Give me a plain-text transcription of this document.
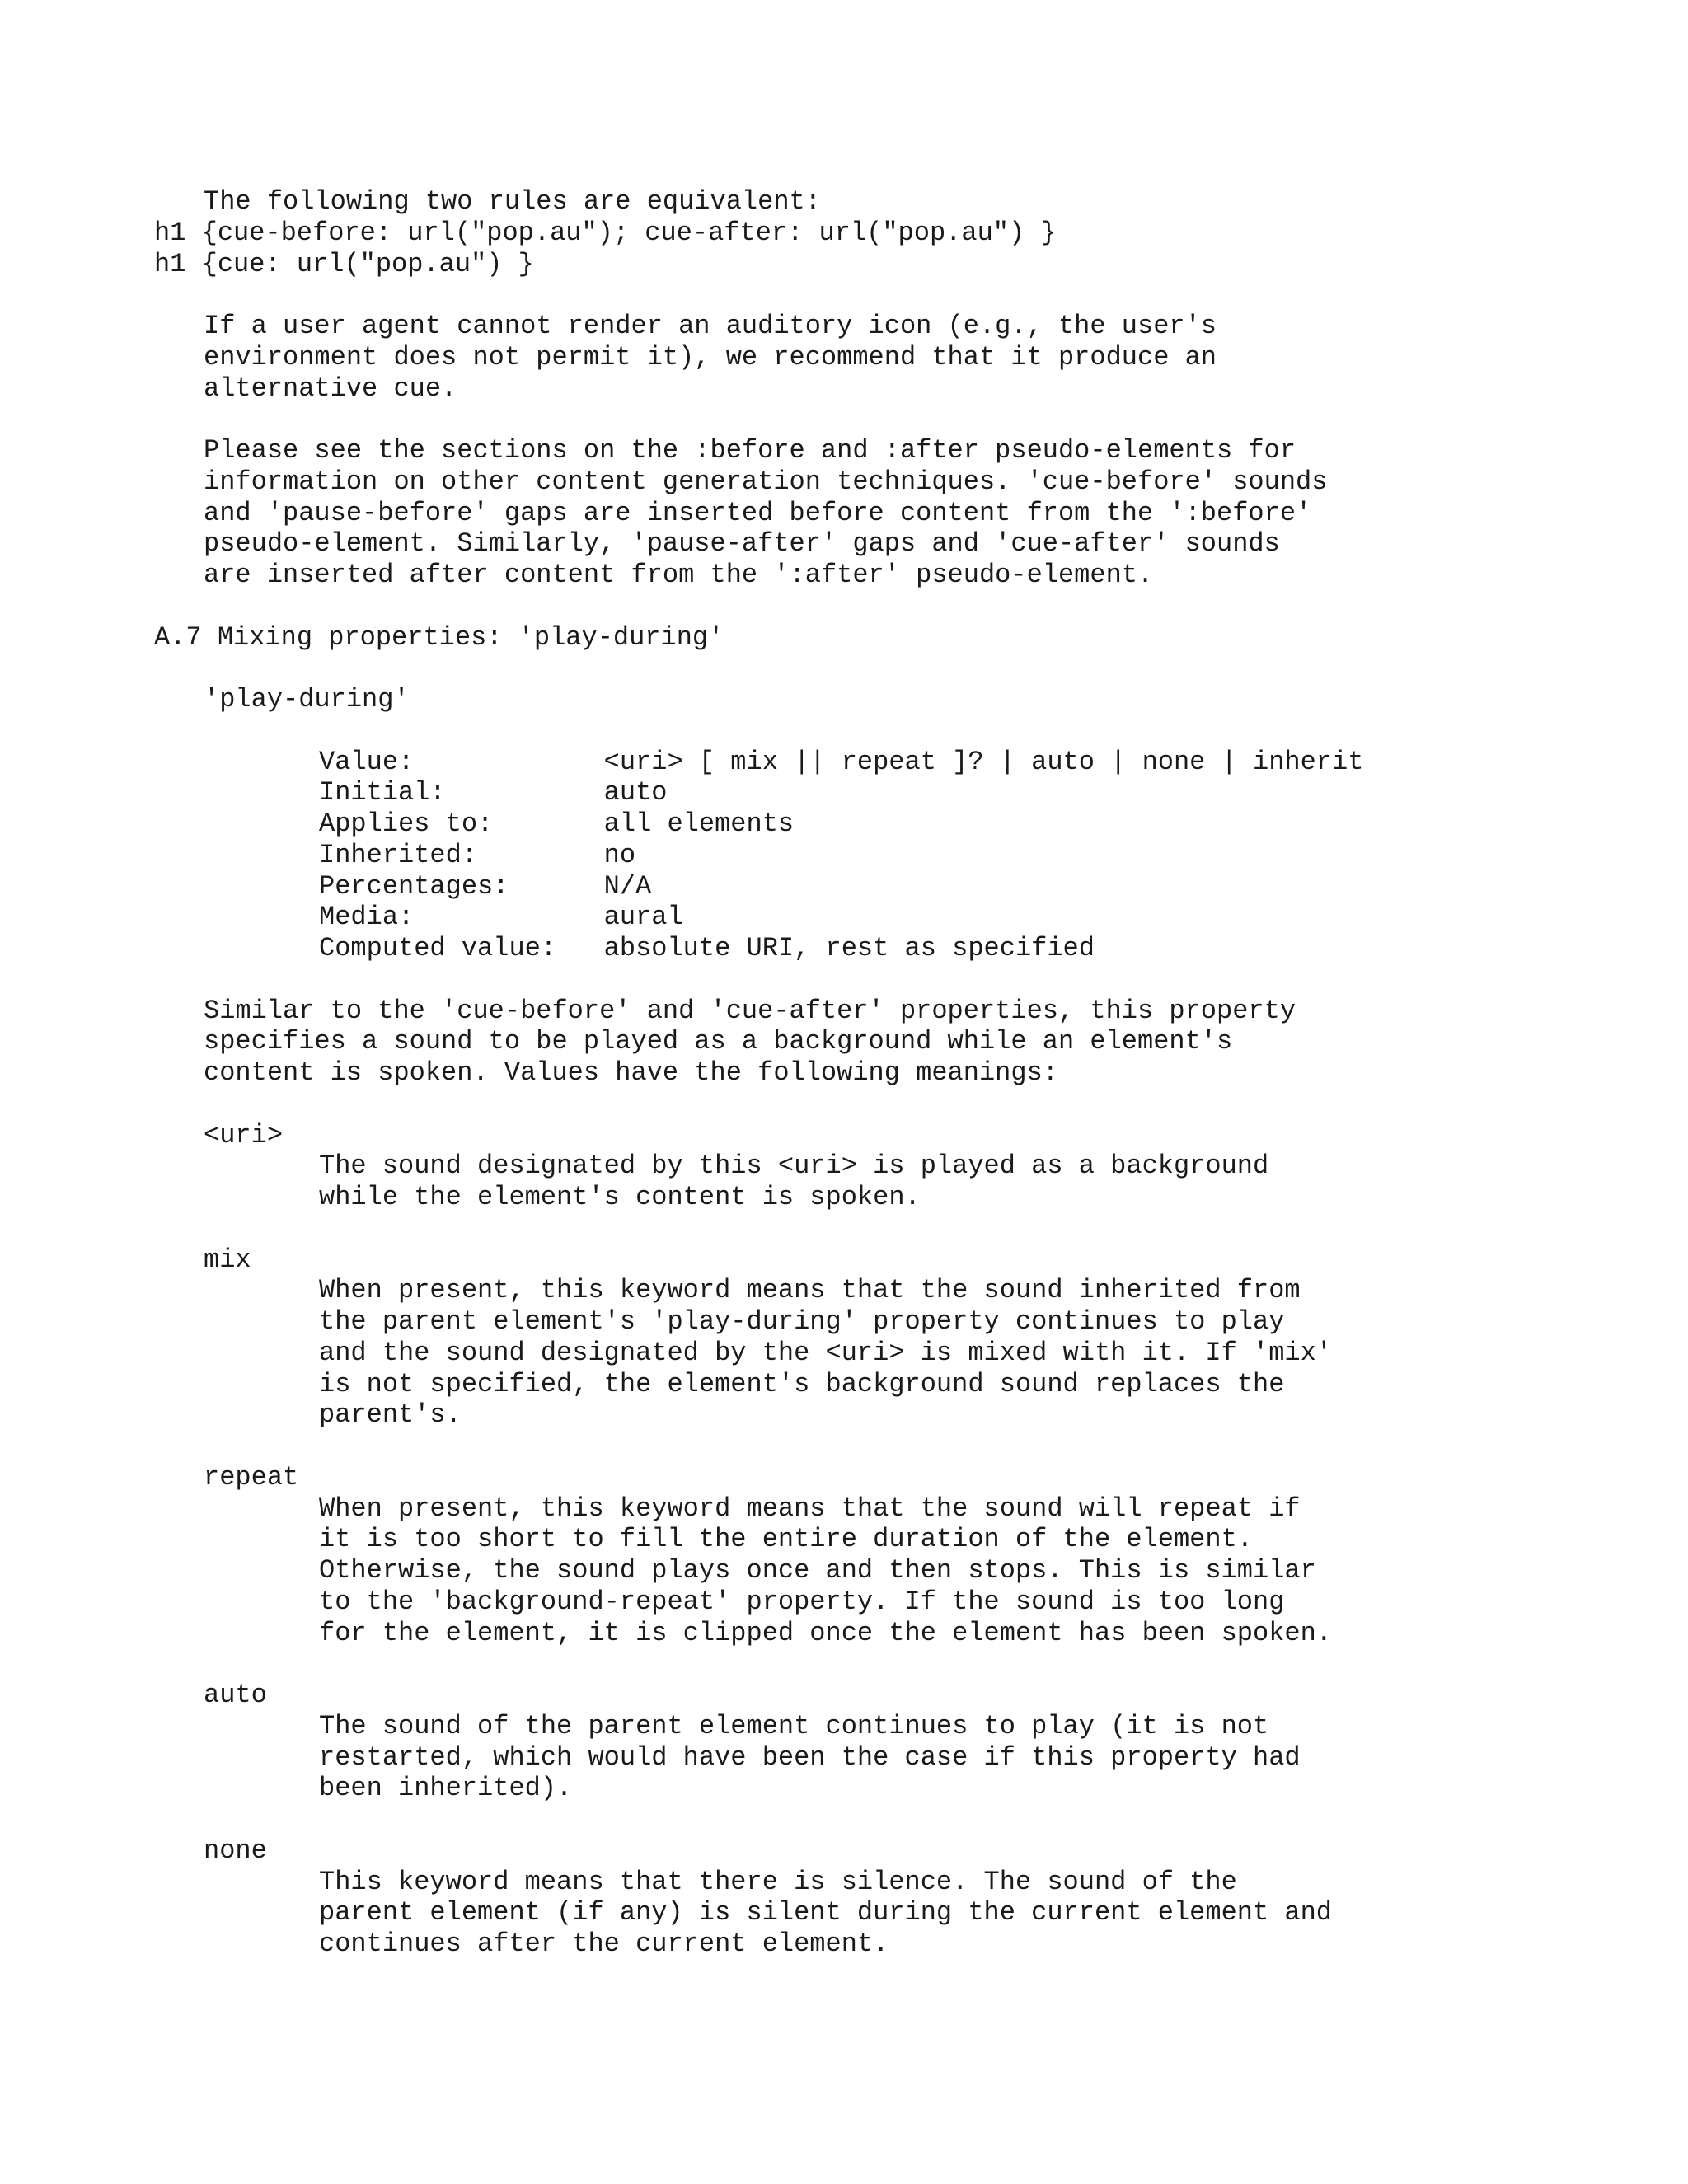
The following two rules are equivalent:
h1 {cue-before: url("pop.au"); cue-after: url("pop.au") }
h1 {cue: url("pop.au") }
If a user agent cannot render an auditory icon (e.g., the user's
environment does not permit it), we recommend that it produce an
alternative cue.
Please see the sections on the :before and :after pseudo-elements for
information on other content generation techniques. 'cue-before' sounds
and 'pause-before' gaps are inserted before content from the ':before'
pseudo-element. Similarly, 'pause-after' gaps and 'cue-after' sounds
are inserted after content from the ':after' pseudo-element.
A.7 Mixing properties: 'play-during'
'play-during'
Value:            <uri> [ mix || repeat ]? | auto | none | inherit
Initial:          auto
Applies to:       all elements
Inherited:        no
Percentages:      N/A
Media:            aural
Computed value:   absolute URI, rest as specified
Similar to the 'cue-before' and 'cue-after' properties, this property
specifies a sound to be played as a background while an element's
content is spoken. Values have the following meanings:
<uri>
The sound designated by this <uri> is played as a background
while the element's content is spoken.
mix
When present, this keyword means that the sound inherited from
the parent element's 'play-during' property continues to play
and the sound designated by the <uri> is mixed with it. If 'mix'
is not specified, the element's background sound replaces the
parent's.
repeat
When present, this keyword means that the sound will repeat if
it is too short to fill the entire duration of the element.
Otherwise, the sound plays once and then stops. This is similar
to the 'background-repeat' property. If the sound is too long
for the element, it is clipped once the element has been spoken.
auto
The sound of the parent element continues to play (it is not
restarted, which would have been the case if this property had
been inherited).
none
This keyword means that there is silence. The sound of the
parent element (if any) is silent during the current element and
continues after the current element.
